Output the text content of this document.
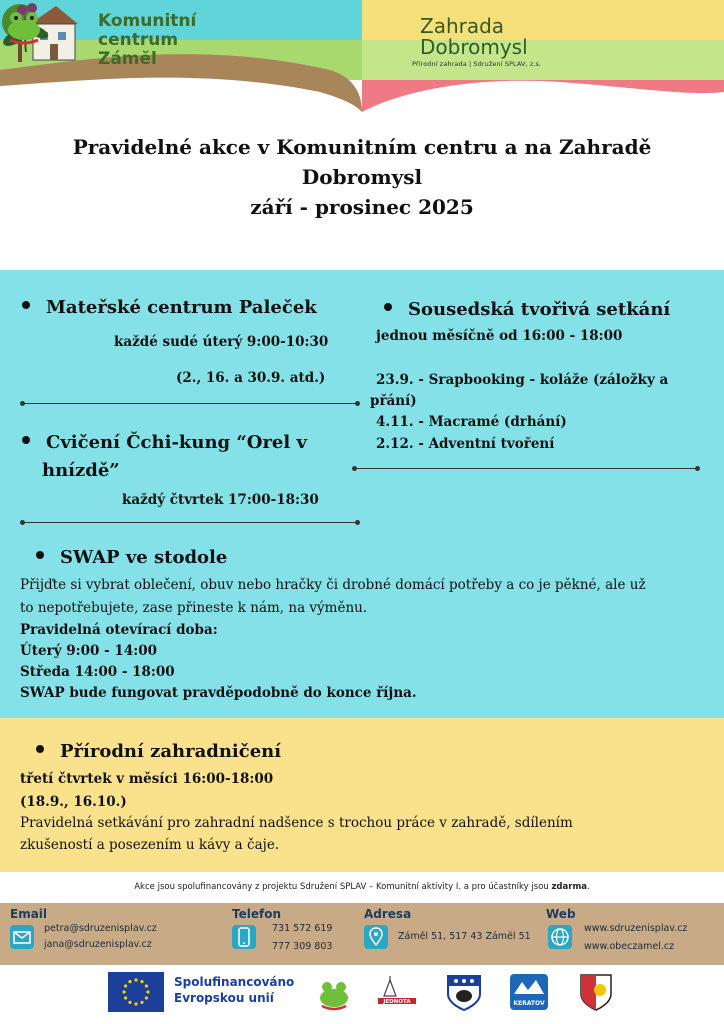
Komunitní
centrum
Zámĕl
Zahrada
Dobromysl
Přírodní zahrada | Sdružení SPLAV, z.s.
Pravidelné akce v Komunitním centru a na Zahradě
Dobromysl
září - prosinec 2025
Mateřské centrum Paleček
každé sudé úterý 9:00-10:30
(2., 16. a 30.9. atd.)
Cvičení Čchi-kung “Orel v
hnízdě”
každý čtvrtek 17:00-18:30
Sousedská tvořivá setkání
jednou měsíčně od 16:00 - 18:00
23.9. - Srapbooking - koláže (záložky a
přání)
4.11. - Macramé (drhání)
2.12. - Adventní tvoření
SWAP ve stodole
Přijďte si vybrat oblečení, obuv nebo hračky či drobné domácí potřeby a co je pěkné, ale už
to nepotřebujete, zase přineste k nám, na výměnu.
Pravidelná otevírací doba:
Úterý 9:00 - 14:00
Středa 14:00 - 18:00
SWAP bude fungovat pravděpodobně do konce října.
Přírodní zahradničení
třetí čtvrtek v měsíci 16:00-18:00
(18.9., 16.10.)
Pravidelná setkávání pro zahradní nadšence s trochou práce v zahradě, sdílením
zkušeností a posezením u kávy a čaje.
Akce jsou spolufinancovány z projektu Sdružení SPLAV – Komunitní aktivity I. a pro účastníky jsou zdarma.
Email
petra@sdruzenisplav.cz
jana@sdruzenisplav.cz
Telefon
731 572 619
777 309 803
Adresa
Zámĕl 51, 517 43 Zámĕl 51
Web
www.sdruzenisplav.cz
www.obeczamel.cz
Spolufinancováno
Evropskou unií	JEDNOTA	KERATOV
